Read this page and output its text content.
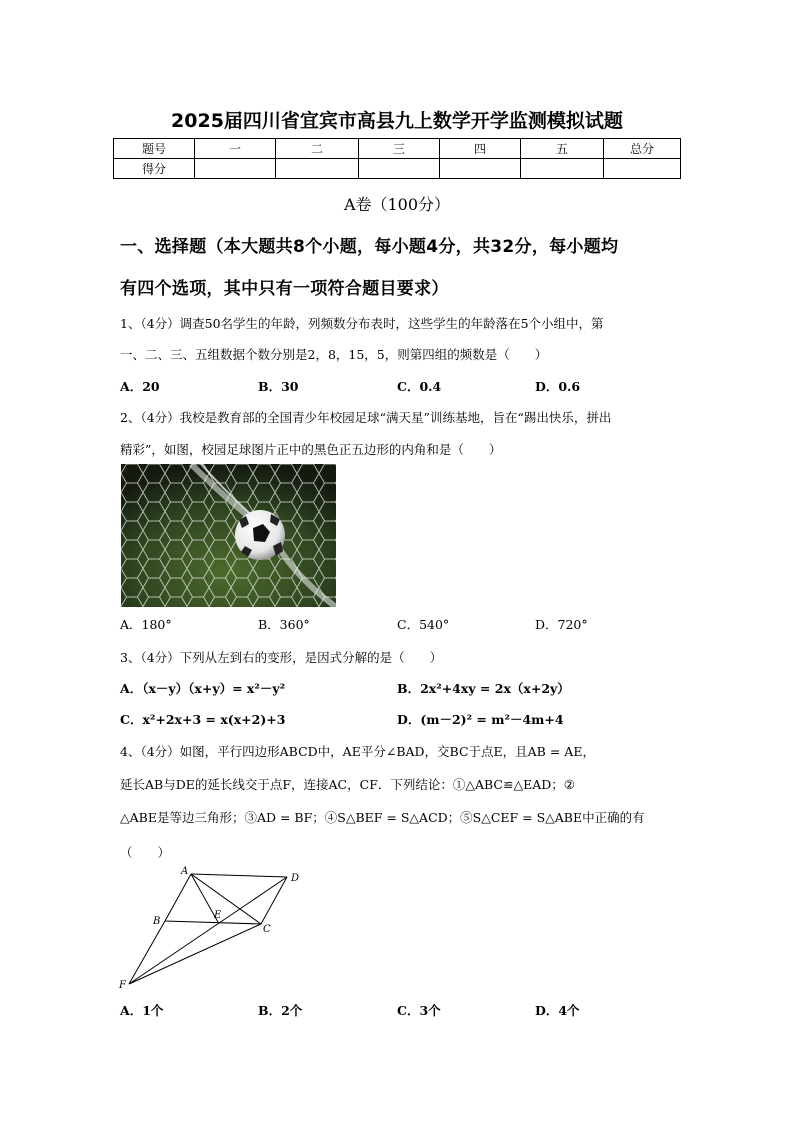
2025届四川省宜宾市高县九上数学开学监测模拟试题
题号	一	二	三	四	五	总分
得分						
A卷（100分）
一、选择题（本大题共8个小题，每小题4分，共32分，每小题均
有四个选项，其中只有一项符合题目要求）
1、（4分）调查50名学生的年龄，列频数分布表时，这些学生的年龄落在5个小组中，第
一、二、三、五组数据个数分别是2，8，15，5，则第四组的频数是（　　）
A．20	B．30	C．0.4	D．0.6
2、（4分）我校是教育部的全国青少年校园足球“满天星”训练基地，旨在“踢出快乐，拼出
精彩”，如图，校园足球图片正中的黑色正五边形的内角和是（　　）
A．180°	B．360°	C．540°	D．720°
3、（4分）下列从左到右的变形，是因式分解的是（　　）
A．（x－y）（x+y）= x²－y²	B．2x²+4xy = 2x（x+2y）
C．x²+2x+3 = x(x+2)+3	D．(m－2)² = m²－4m+4
4、（4分）如图，平行四边形ABCD中，AE平分∠BAD，交BC于点E，且AB = AE，
延长AB与DE的延长线交于点F，连接AC，CF．下列结论：①△ABC≌△EAD；②
△ABE是等边三角形；③AD = BF；④S△BEF = S△ACD；⑤S△CEF = S△ABE中正确的有
（　　）
A
D
B
E
C
F
A．1个	B．2个	C．3个	D．4个
